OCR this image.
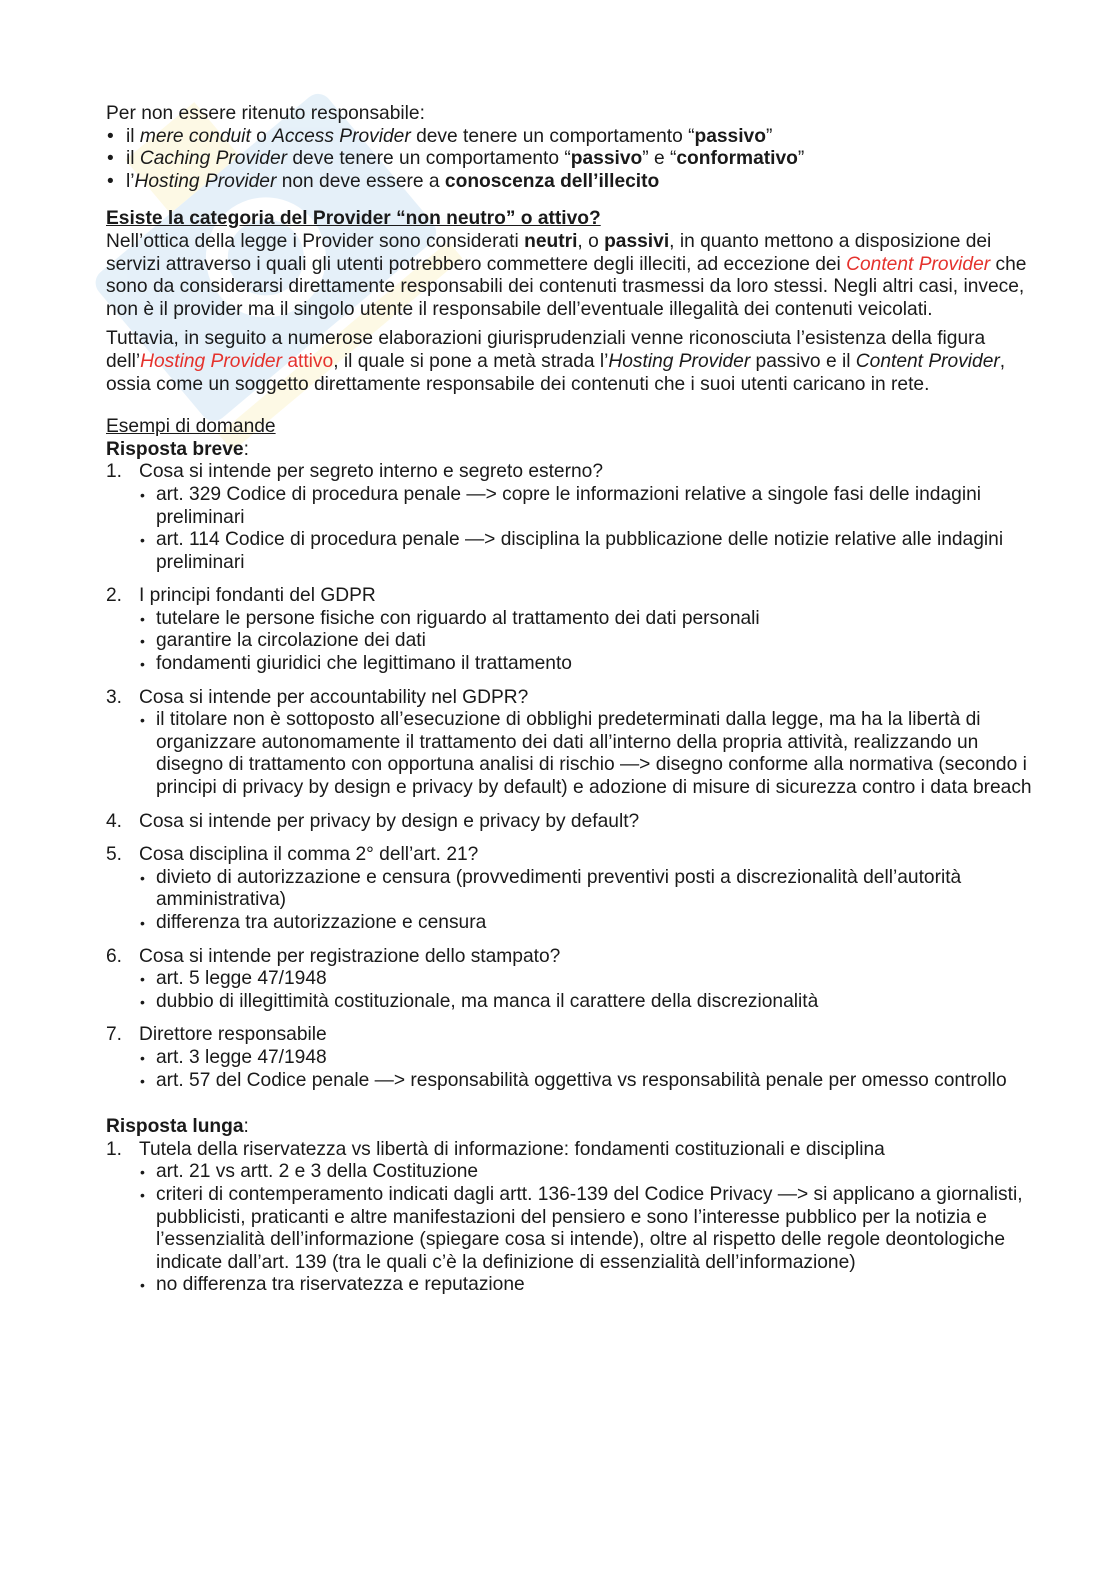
Per non essere ritenuto responsabile:

• il mere conduit o Access Provider deve tenere un comportamento “passivo”

• il Caching Provider deve tenere un comportamento “passivo” e “conformativo”

• l’Hosting Provider non deve essere a conoscenza dell’illecito

Esiste la categoria del Provider “non neutro” o attivo?

Nell’ottica della legge i Provider sono considerati neutri, o passivi, in quanto mettono a disposizione dei servizi attraverso i quali gli utenti potrebbero commettere degli illeciti, ad eccezione dei Content Provider che sono da considerarsi direttamente responsabili dei contenuti trasmessi da loro stessi. Negli altri casi, invece, non è il provider ma il singolo utente il responsabile dell’eventuale illegalità dei contenuti veicolati.

Tuttavia, in seguito a numerose elaborazioni giurisprudenziali venne riconosciuta l’esistenza della figura dell’Hosting Provider attivo, il quale si pone a metà strada l’Hosting Provider passivo e il Content Provider, ossia come un soggetto direttamente responsabile dei contenuti che i suoi utenti caricano in rete.

Esempi di domande

Risposta breve:

1. Cosa si intende per segreto interno e segreto esterno?
• art. 329 Codice di procedura penale —> copre le informazioni relative a singole fasi delle indagini preliminari
• art. 114 Codice di procedura penale —> disciplina la pubblicazione delle notizie relative alle indagini preliminari
2. I principi fondanti del GDPR
• tutelare le persone fisiche con riguardo al trattamento dei dati personali
• garantire la circolazione dei dati
• fondamenti giuridici che legittimano il trattamento
3. Cosa si intende per accountability nel GDPR?
• il titolare non è sottoposto all’esecuzione di obblighi predeterminati dalla legge, ma ha la libertà di organizzare autonomamente il trattamento dei dati all’interno della propria attività, realizzando un disegno di trattamento con opportuna analisi di rischio —> disegno conforme alla normativa (secondo i principi di privacy by design e privacy by default) e adozione di misure di sicurezza contro i data breach
4. Cosa si intende per privacy by design e privacy by default?
5. Cosa disciplina il comma 2° dell’art. 21?
• divieto di autorizzazione e censura (provvedimenti preventivi posti a discrezionalità dell’autorità amministrativa)
• differenza tra autorizzazione e censura
6. Cosa si intende per registrazione dello stampato?
• art. 5 legge 47/1948
• dubbio di illegittimità costituzionale, ma manca il carattere della discrezionalità
7. Direttore responsabile
• art. 3 legge 47/1948
• art. 57 del Codice penale —> responsabilità oggettiva vs responsabilità penale per omesso controllo

Risposta lunga:

1. Tutela della riservatezza vs libertà di informazione: fondamenti costituzionali e disciplina
• art. 21 vs artt. 2 e 3 della Costituzione
• criteri di contemperamento indicati dagli artt. 136-139 del Codice Privacy —> si applicano a giornalisti, pubblicisti, praticanti e altre manifestazioni del pensiero e sono l’interesse pubblico per la notizia e l’essenzialità dell’informazione (spiegare cosa si intende), oltre al rispetto delle regole deontologiche indicate dall’art. 139 (tra le quali c’è la definizione di essenzialità dell’informazione)
• no differenza tra riservatezza e reputazione
